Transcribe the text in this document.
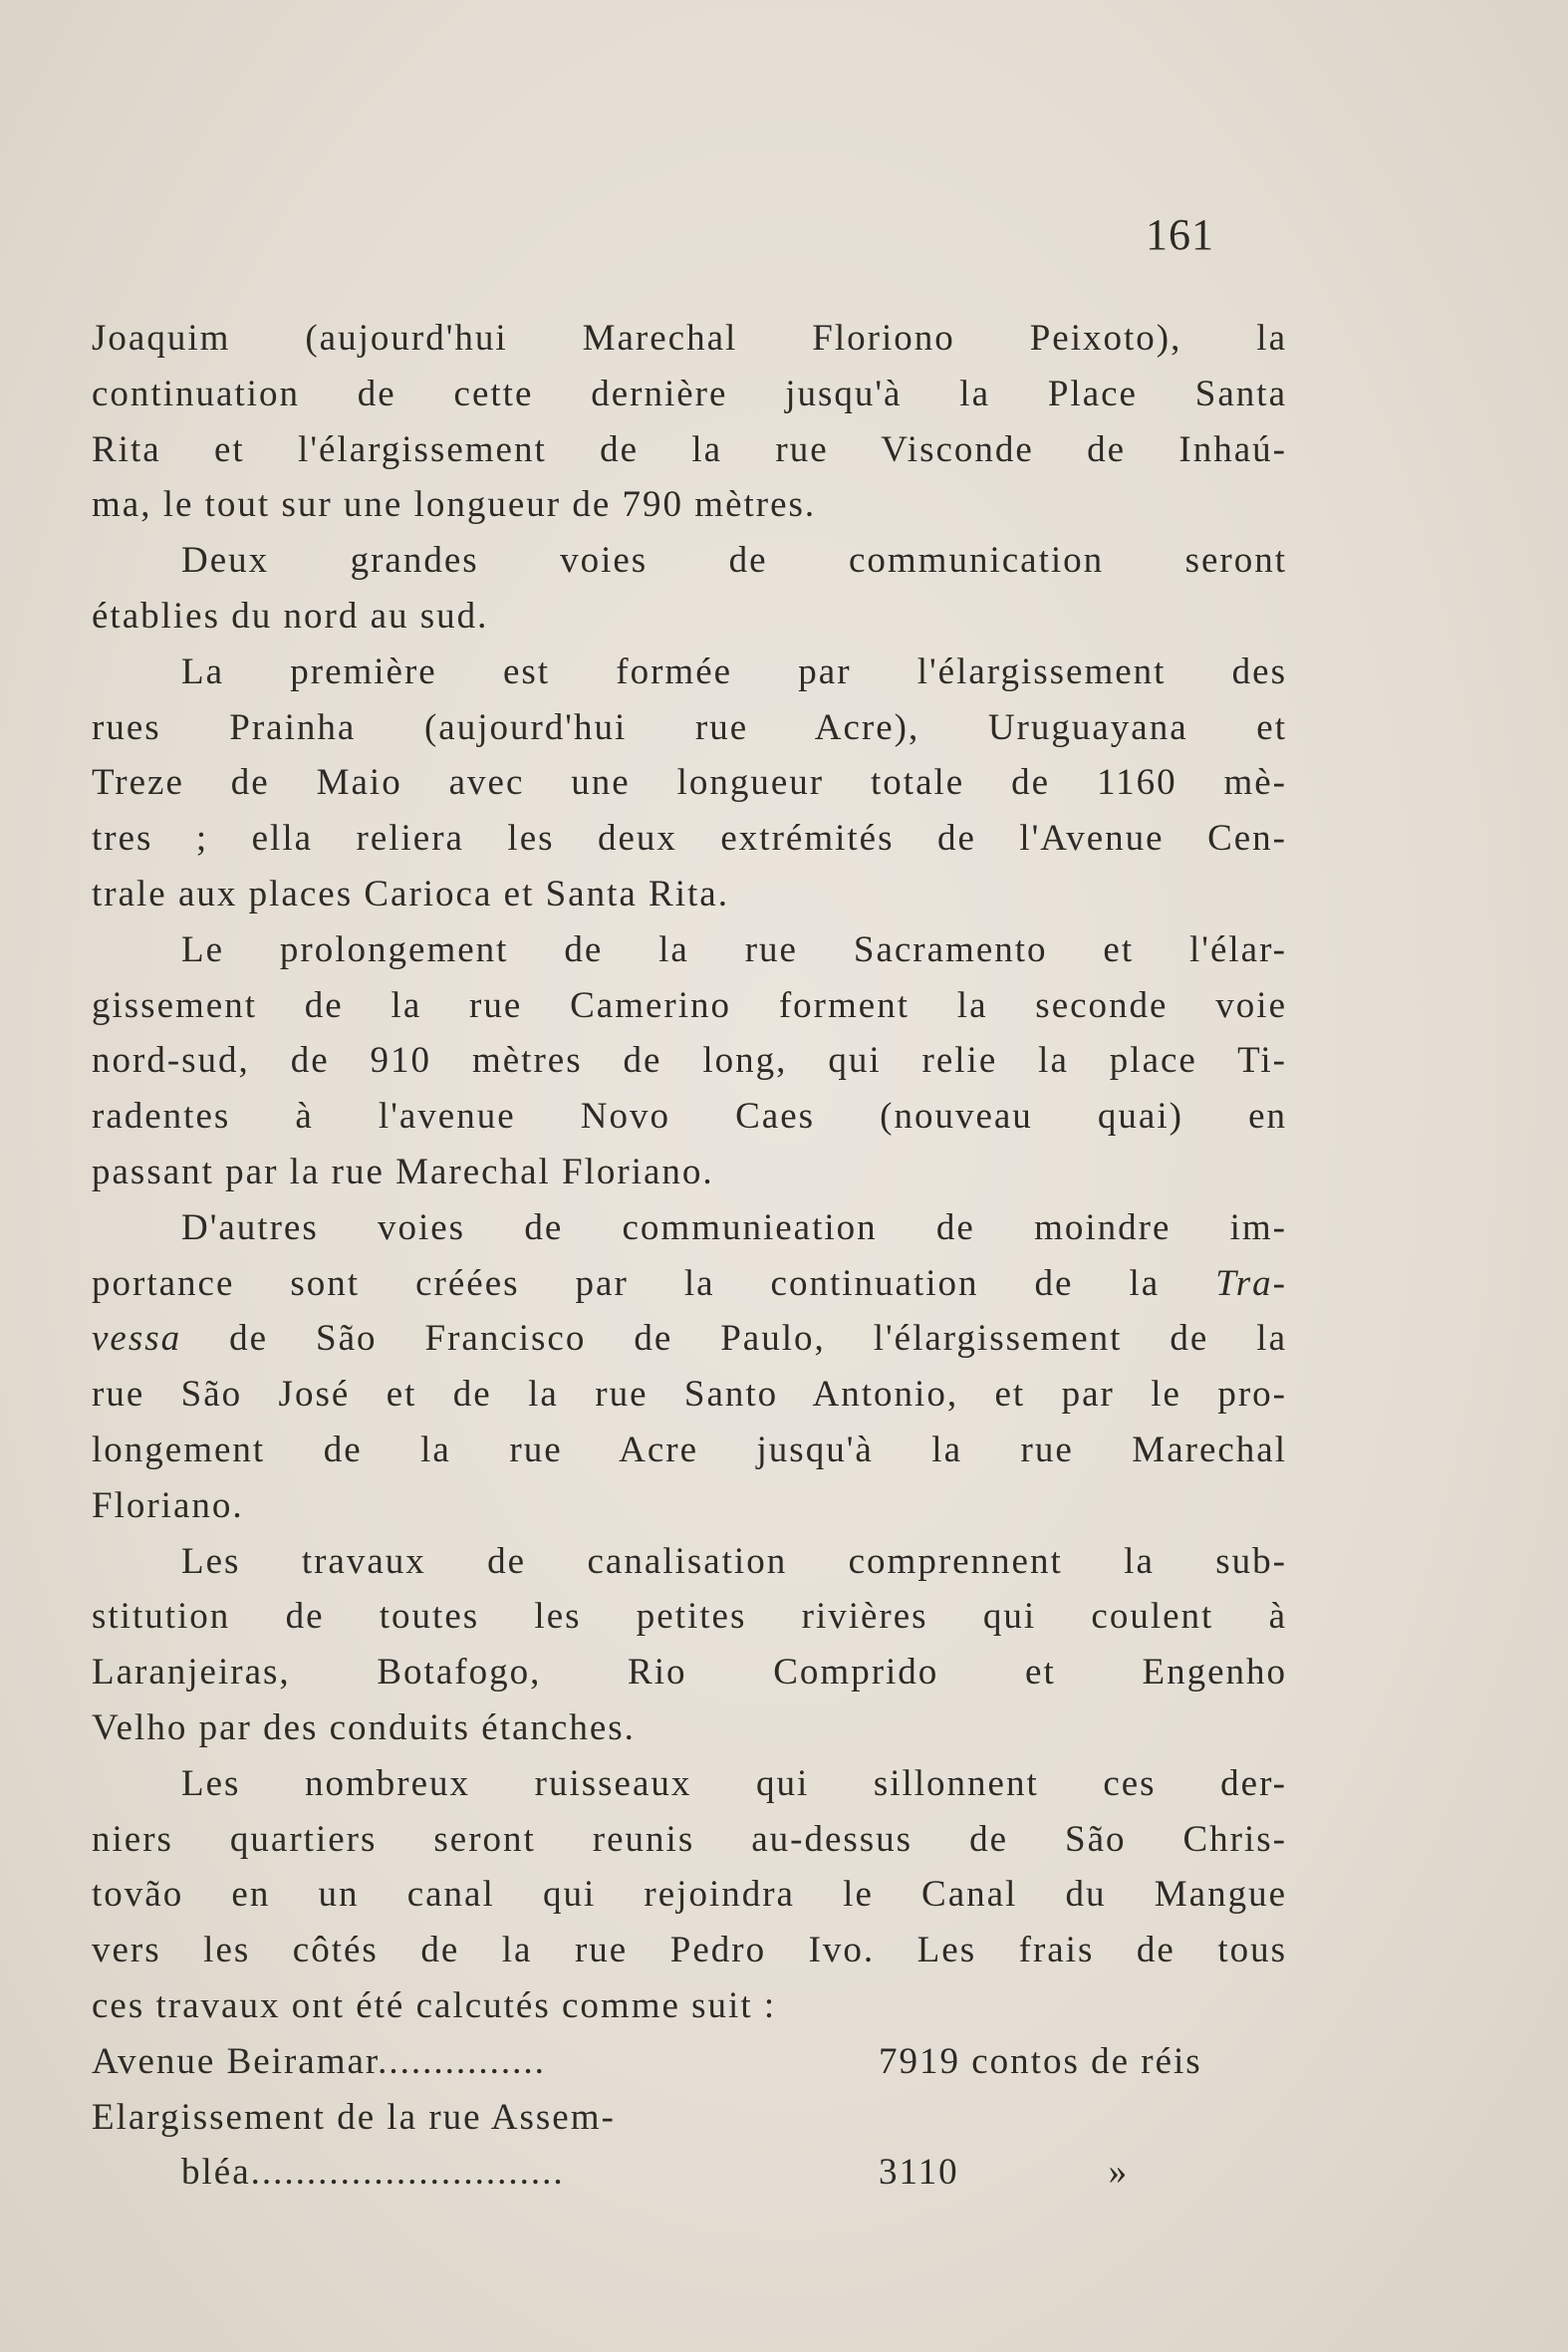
161
Joaquim (aujourd'hui Marechal Floriono Peixoto), la
continuation de cette dernière jusqu'à la Place Santa
Rita et l'élargissement de la rue Visconde de Inhaú-
ma, le tout sur une longueur de 790 mètres.
Deux grandes voies de communication seront
établies du nord au sud.
La première est formée par l'élargissement des
rues Prainha (aujourd'hui rue Acre), Uruguayana et
Treze de Maio avec une longueur totale de 1160 mè-
tres ; ella reliera les deux extrémités de l'Avenue Cen-
trale aux places Carioca et Santa Rita.
Le prolongement de la rue Sacramento et l'élar-
gissement de la rue Camerino forment la seconde voie
nord-sud, de 910 mètres de long, qui relie la place Ti-
radentes à l'avenue Novo Caes (nouveau quai) en
passant par la rue Marechal Floriano.
D'autres voies de communieation de moindre im-
portance sont créées par la continuation de la Tra-
vessa de São Francisco de Paulo, l'élargissement de la
rue São José et de la rue Santo Antonio, et par le pro-
longement de la rue Acre jusqu'à la rue Marechal
Floriano.
Les travaux de canalisation comprennent la sub-
stitution de toutes les petites rivières qui coulent à
Laranjeiras, Botafogo, Rio Comprido et Engenho
Velho par des conduits étanches.
Les nombreux ruisseaux qui sillonnent ces der-
niers quartiers seront reunis au-dessus de São Chris-
tovão en un canal qui rejoindra le Canal du Mangue
vers les côtés de la rue Pedro Ivo. Les frais de tous
ces travaux ont été calcutés comme suit :
Avenue Beiramar...............	7919 contos de réis
Elargissement de la rue Assem-
bléa............................	3110	»
